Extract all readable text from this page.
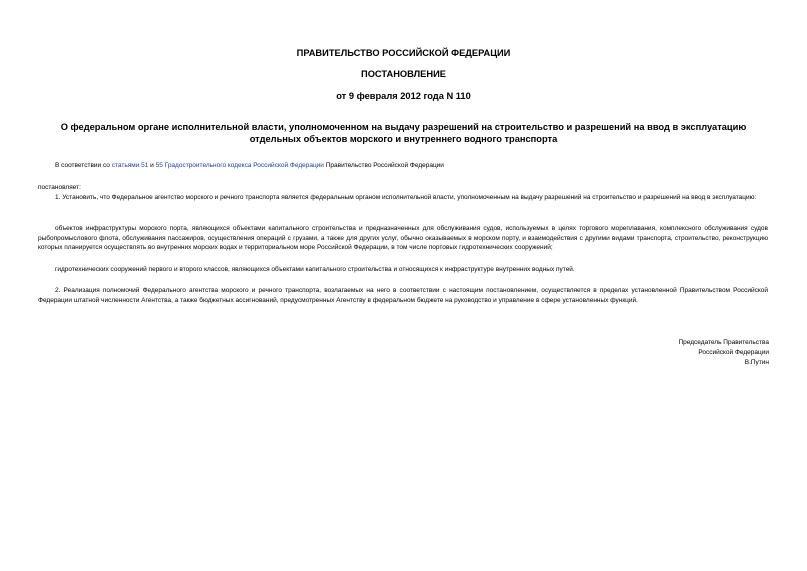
ПРАВИТЕЛЬСТВО РОССИЙСКОЙ ФЕДЕРАЦИИ
ПОСТАНОВЛЕНИЕ
от 9 февраля 2012 года N 110
О федеральном органе исполнительной власти, уполномоченном на выдачу разрешений на строительство и разрешений на ввод в эксплуатацию отдельных объектов морского и внутреннего водного транспорта
В соответствии со статьями 51 и 55 Градостроительного кодекса Российской Федерации Правительство Российской Федерации
постановляет:
1. Установить, что Федеральное агентство морского и речного транспорта является федеральным органом исполнительной власти, уполномоченным на выдачу разрешений на строительство и разрешений на ввод в эксплуатацию:
объектов инфраструктуры морского порта, являющихся объектами капитального строительства и предназначенных для обслуживания судов, используемых в целях торгового мореплавания, комплексного обслуживания судов рыбопромыслового флота, обслуживания пассажиров, осуществления операций с грузами, а также для других услуг, обычно оказываемых в морском порту, и взаимодействия с другими видами транспорта, строительство, реконструкцию которых планируется осуществлять во внутренних морских водах и территориальном море Российской Федерации, в том числе портовых гидротехнических сооружений;
гидротехнических сооружений первого и второго классов, являющихся объектами капитального строительства и относящихся к инфраструктуре внутренних водных путей.
2. Реализация полномочий Федерального агентства морского и речного транспорта, возлагаемых на него в соответствии с настоящим постановлением, осуществляется в пределах установленной Правительством Российской Федерации штатной численности Агентства, а также бюджетных ассигнований, предусмотренных Агентству в федеральном бюджете на руководство и управление в сфере установленных функций.
Председатель Правительства
Российской Федерации
В.Путин
